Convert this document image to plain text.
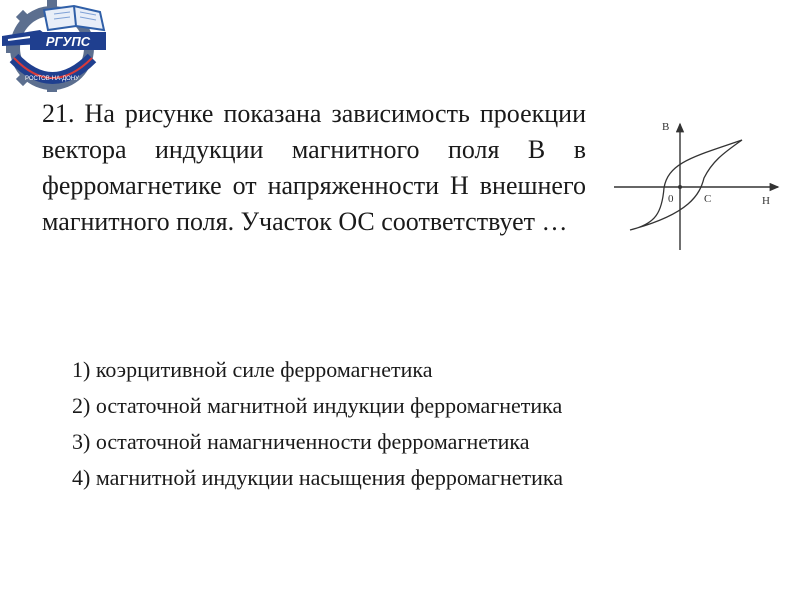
РГУПС
РОСТОВ-НА-ДОНУ

21. На рисунке показана зависимость проекции вектора индукции магнитного поля В в ферромагнетике от напряженности Н внешнего магнитного поля. Участок ОС соответствует …

B
H
0	C
1) коэрцитивной силе ферромагнетика
2) остаточной магнитной индукции ферромагнетика
3) остаточной намагниченности ферромагнетика
4) магнитной индукции насыщения ферромагнетика
